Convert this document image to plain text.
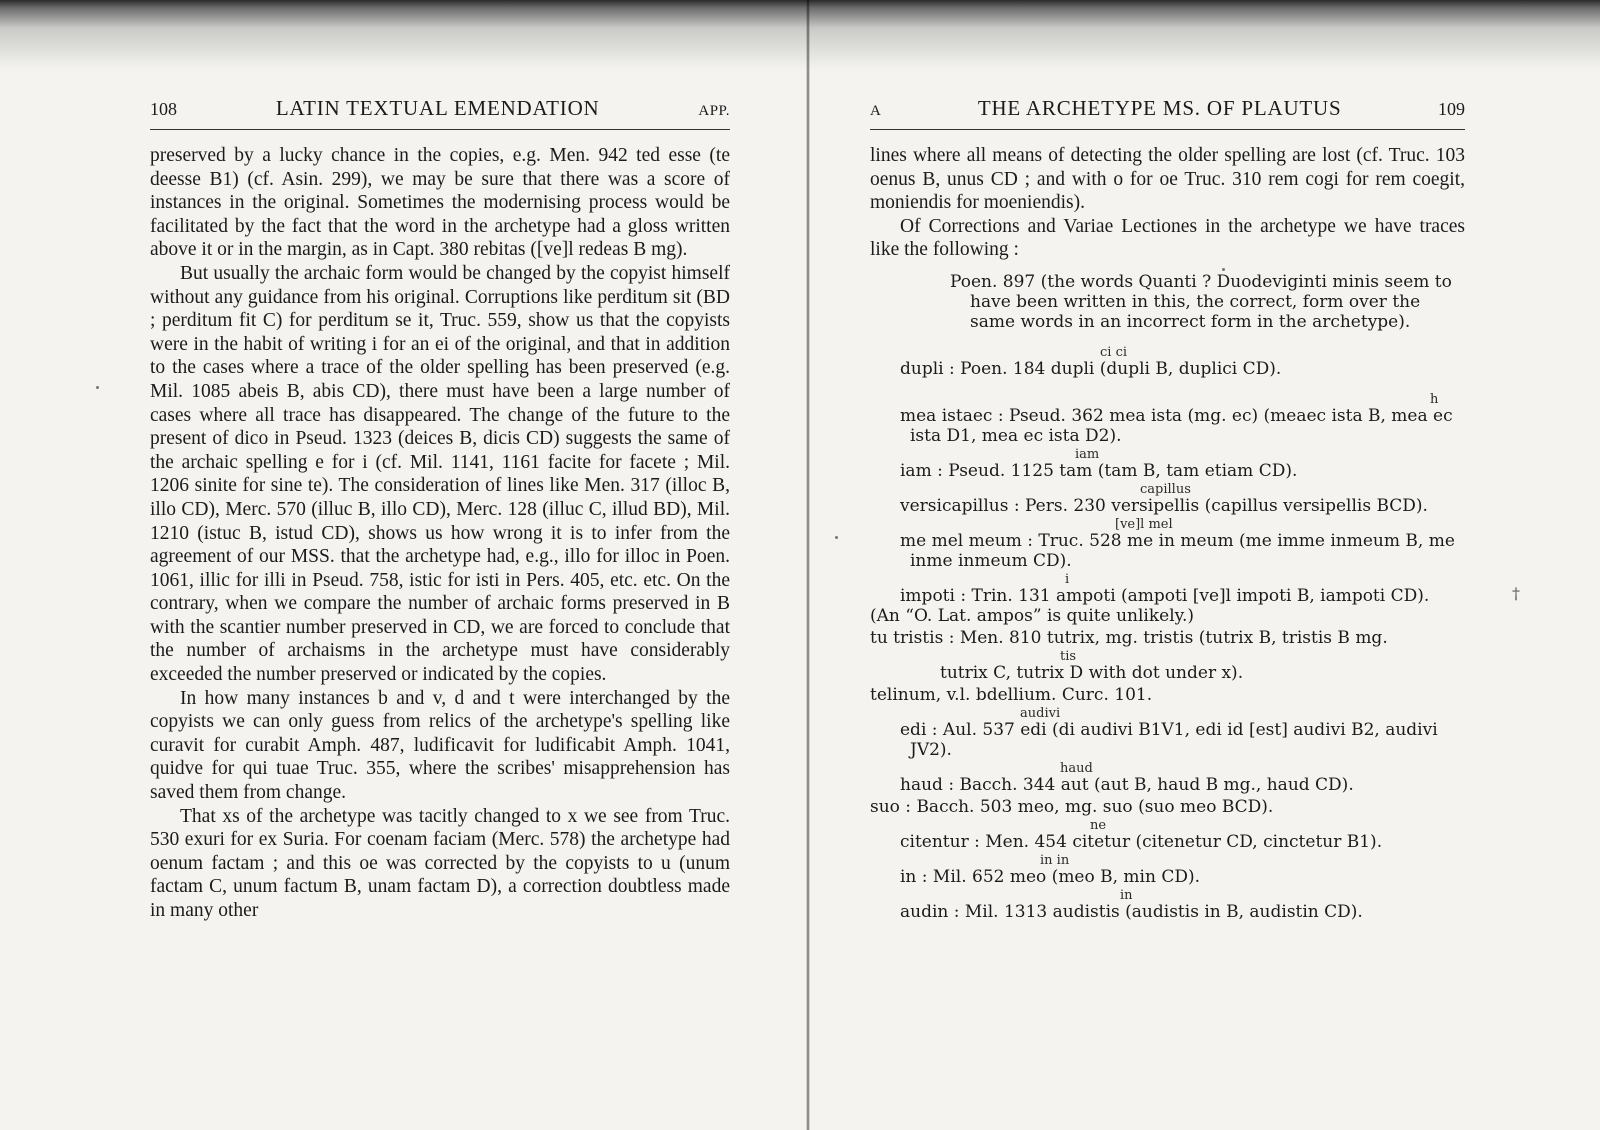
108	LATIN TEXTUAL EMENDATION	APP.

preserved by a lucky chance in the copies, e.g. Men. 942 ted esse (te deesse B1) (cf. Asin. 299), we may be sure that there was a score of instances in the original. Sometimes the modernising process would be facilitated by the fact that the word in the archetype had a gloss written above it or in the margin, as in Capt. 380 rebitas ([ve]l redeas B mg).

But usually the archaic form would be changed by the copyist himself without any guidance from his original. Corruptions like perditum sit (BD ; perditum fit C) for perditum se it, Truc. 559, show us that the copyists were in the habit of writing i for an ei of the original, and that in addition to the cases where a trace of the older spelling has been preserved (e.g. Mil. 1085 abeis B, abis CD), there must have been a large number of cases where all trace has disappeared. The change of the future to the present of dico in Pseud. 1323 (deices B, dicis CD) suggests the same of the archaic spelling e for i (cf. Mil. 1141, 1161 facite for facete ; Mil. 1206 sinite for sine te). The consideration of lines like Men. 317 (illoc B, illo CD), Merc. 570 (illuc B, illo CD), Merc. 128 (illuc C, illud BD), Mil. 1210 (istuc B, istud CD), shows us how wrong it is to infer from the agreement of our MSS. that the archetype had, e.g., illo for illoc in Poen. 1061, illic for illi in Pseud. 758, istic for isti in Pers. 405, etc. etc. On the contrary, when we compare the number of archaic forms preserved in B with the scantier number preserved in CD, we are forced to conclude that the number of archaisms in the archetype must have considerably exceeded the number preserved or indicated by the copies.

In how many instances b and v, d and t were interchanged by the copyists we can only guess from relics of the archetype's spelling like curavit for curabit Amph. 487, ludificavit for ludificabit Amph. 1041, quidve for qui tuae Truc. 355, where the scribes' misapprehension has saved them from change.

That xs of the archetype was tacitly changed to x we see from Truc. 530 exuri for ex Suria. For coenam faciam (Merc. 578) the archetype had oenum factam ; and this oe was corrected by the copyists to u (unum factam C, unum factum B, unam factam D), a correction doubtless made in many other

A	THE ARCHETYPE MS. OF PLAUTUS	109

lines where all means of detecting the older spelling are lost (cf. Truc. 103 oenus B, unus CD ; and with o for oe Truc. 310 rem cogi for rem coegit, moniendis for moeniendis).

Of Corrections and Variae Lectiones in the archetype we have traces like the following :

Poen. 897 (the words Quanti ? Duodeviginti minis seem to have been written in this, the correct, form over the same words in an incorrect form in the archetype).

ci ci
dupli : Poen. 184 dupli (dupli B, duplici CD).
h
mea istaec : Pseud. 362 mea ista (mg. ec) (meaec ista B, mea ec
ista D1, mea ec ista D2).
iam
iam : Pseud. 1125 tam (tam B, tam etiam CD).
capillus
versicapillus : Pers. 230 versipellis (capillus versipellis BCD).
[ve]l mel
me mel meum : Truc. 528 me in meum (me imme inmeum B, me
inme inmeum CD).
i
impoti : Trin. 131 ampoti (ampoti [ve]l impoti B, iampoti CD).
(An “O. Lat. ampos” is quite unlikely.)
tu tristis : Men. 810 tutrix, mg. tristis (tutrix B, tristis B mg.
tis
tutrix C, tutrix D with dot under x).
telinum, v.l. bdellium. Curc. 101.
audivi
edi : Aul. 537 edi (di audivi B1V1, edi id [est] audivi B2, audivi
JV2).
haud
haud : Bacch. 344 aut (aut B, haud B mg., haud CD).
suo : Bacch. 503 meo, mg. suo (suo meo BCD).
ne
citentur : Men. 454 citetur (citenetur CD, cinctetur B1).
in in
in : Mil. 652 meo (meo B, min CD).
in
audin : Mil. 1313 audistis (audistis in B, audistin CD).
†
